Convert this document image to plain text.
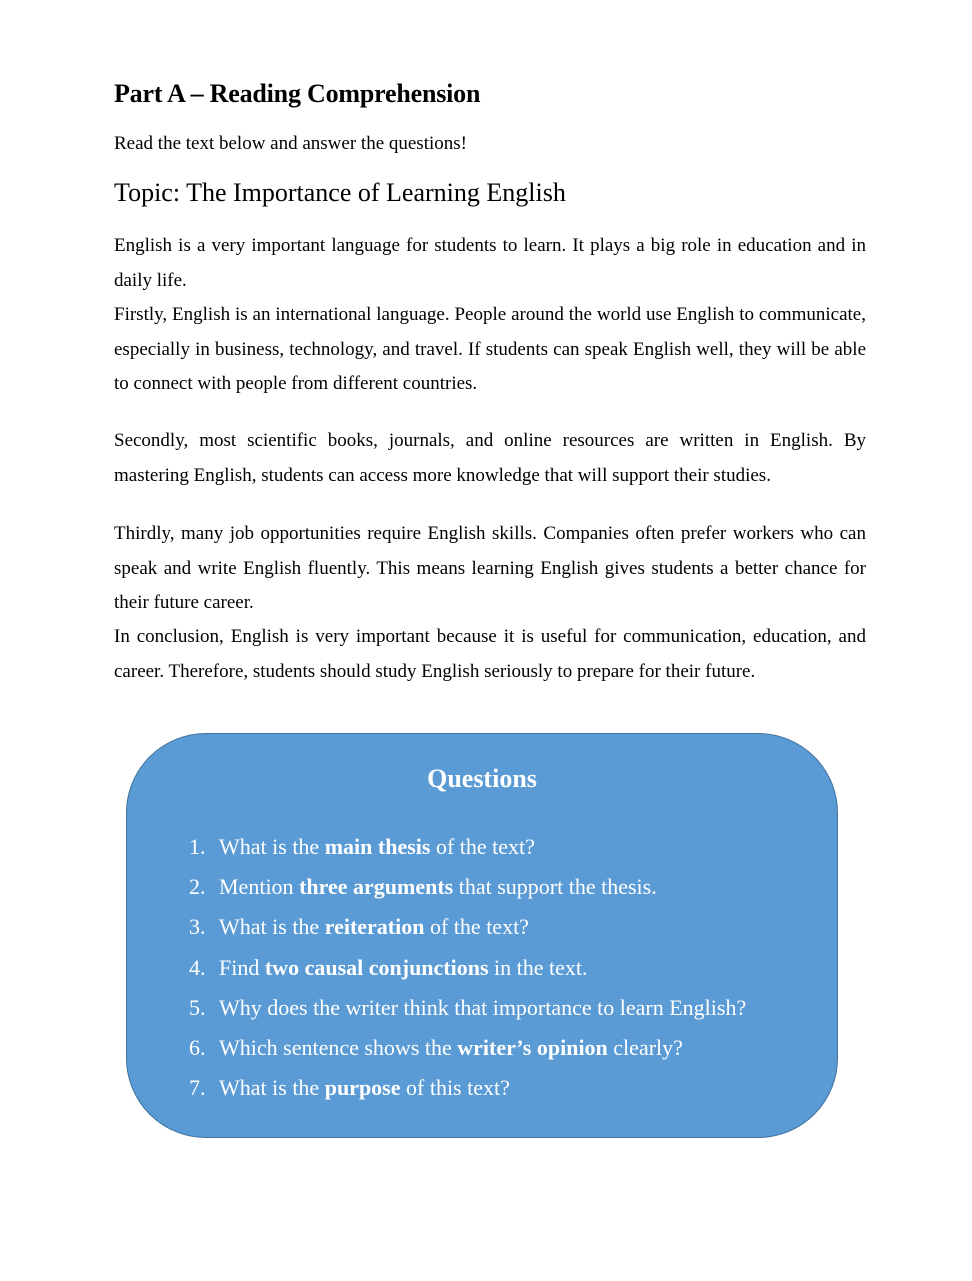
Part A – Reading Comprehension

Read the text below and answer the questions!

Topic: The Importance of Learning English

English is a very important language for students to learn. It plays a big role in education and in daily life.

Firstly, English is an international language. People around the world use English to communicate, especially in business, technology, and travel. If students can speak English well, they will be able to connect with people from different countries.

Secondly, most scientific books, journals, and online resources are written in English. By mastering English, students can access more knowledge that will support their studies.

Thirdly, many job opportunities require English skills. Companies often prefer workers who can speak and write English fluently. This means learning English gives students a better chance for their future career.

In conclusion, English is very important because it is useful for communication, education, and career. Therefore, students should study English seriously to prepare for their future.

Questions
1. What is the main thesis of the text?
2. Mention three arguments that support the thesis.
3. What is the reiteration of the text?
4. Find two causal conjunctions in the text.
5. Why does the writer think that importance to learn English?
6. Which sentence shows the writer’s opinion clearly?
7. What is the purpose of this text?
